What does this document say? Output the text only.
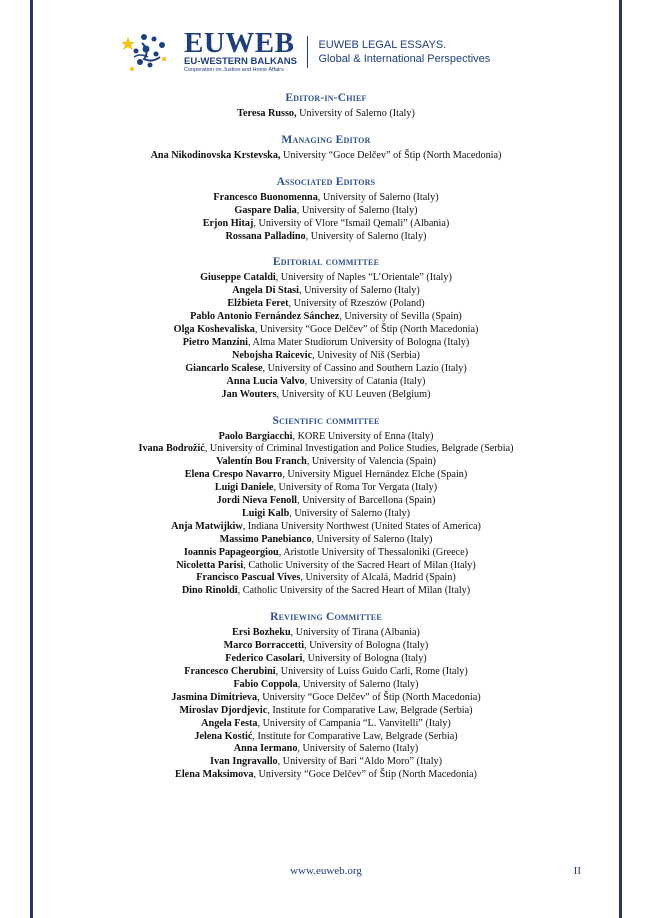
EUWEB
EU-WESTERN BALKANS
Cooperation on Justice and Home Affairs
EUWEB LEGAL ESSAYS.
Global & International Perspectives
Editor-in-Chief
Teresa Russo, University of Salerno (Italy)
Managing Editor
Ana Nikodinovska Krstevska, University “Goce Delčev” of Štip (North Macedonia)
Associated Editors
Francesco Buonomenna, University of Salerno (Italy)
Gaspare Dalia, University of Salerno (Italy)
Erjon Hitaj, University of Vlore “Ismail Qemali” (Albania)
Rossana Palladino, University of Salerno (Italy)
Editorial committee
Giuseppe Cataldi, University of Naples “L’Orientale” (Italy)
Angela Di Stasi, University of Salerno (Italy)
Elżbieta Feret, University of Rzeszów (Poland)
Pablo Antonio Fernández Sánchez, University of Sevilla (Spain)
Olga Koshevaliska, University “Goce Delčev” of Štip (North Macedonia)
Pietro Manzini, Alma Mater Studiorum University of Bologna (Italy)
Nebojsha Raicevic, Univesity of Niš (Serbia)
Giancarlo Scalese, University of Cassino and Southern Lazio (Italy)
Anna Lucia Valvo, University of Catania (Italy)
Jan Wouters, University of KU Leuven (Belgium)
Scientific committee
Paolo Bargiacchi, KORE University of Enna (Italy)
Ivana Bodrožić, University of Criminal Investigation and Police Studies, Belgrade (Serbia)
Valentín Bou Franch, University of Valencia (Spain)
Elena Crespo Navarro, University Miguel Hernández Elche (Spain)
Luigi Daniele, University of Roma Tor Vergata (Italy)
Jordi Nieva Fenoll, University of Barcellona (Spain)
Luigi Kalb, University of Salerno (Italy)
Anja Matwijkiw, Indiana University Northwest (United States of America)
Massimo Panebianco, University of Salerno (Italy)
Ioannis Papageorgiou, Aristotle University of Thessaloniki (Greece)
Nicoletta Parisi, Catholic University of the Sacred Heart of Milan (Italy)
Francisco Pascual Vives, University of Alcalá, Madrid (Spain)
Dino Rinoldi, Catholic University of the Sacred Heart of Milan (Italy)
Reviewing Committee
Ersi Bozheku, University of Tirana (Albania)
Marco Borraccetti, University of Bologna (Italy)
Federico Casolari, University of Bologna (Italy)
Francesco Cherubini, University of Luiss Guido Carli, Rome (Italy)
Fabio Coppola, University of Salerno (Italy)
Jasmina Dimitrieva, University “Goce Delčev” of Štip (North Macedonia)
Miroslav Djordjevic, Institute for Comparative Law, Belgrade (Serbia)
Angela Festa, University of Campania “L. Vanvitelli” (Italy)
Jelena Kostić, Institute for Comparative Law, Belgrade (Serbia)
Anna Iermano, University of Salerno (Italy)
Ivan Ingravallo, University of Bari “Aldo Moro” (Italy)
Elena Maksimova, University “Goce Delčev” of Štip (North Macedonia)
www.euweb.org	II
